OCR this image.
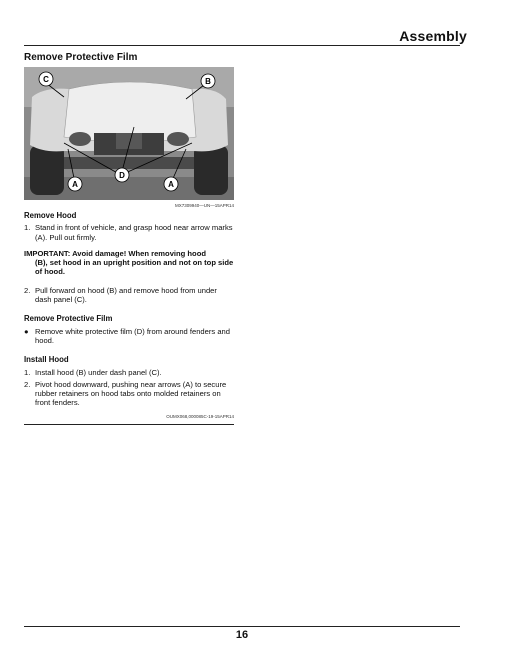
Assembly
Remove Protective Film
C	B
D
A	A
MX7309940—UN—15APR14
Remove Hood
1. Stand in front of vehicle, and grasp hood near arrow marks (A). Pull out firmly.
IMPORTANT: Avoid damage! When removing hood
(B), set hood in an upright position and not on top side of hood.
2. Pull forward on hood (B) and remove hood from under dash panel (C).
Remove Protective Film
● Remove white protective film (D) from around fenders and hood.
Install Hood
1. Install hood (B) under dash panel (C).
2. Pivot hood downward, pushing near arrows (A) to secure rubber retainers on hood tabs onto molded retainers on front fenders.
OUMX068,000085C-19-15APR14
16
